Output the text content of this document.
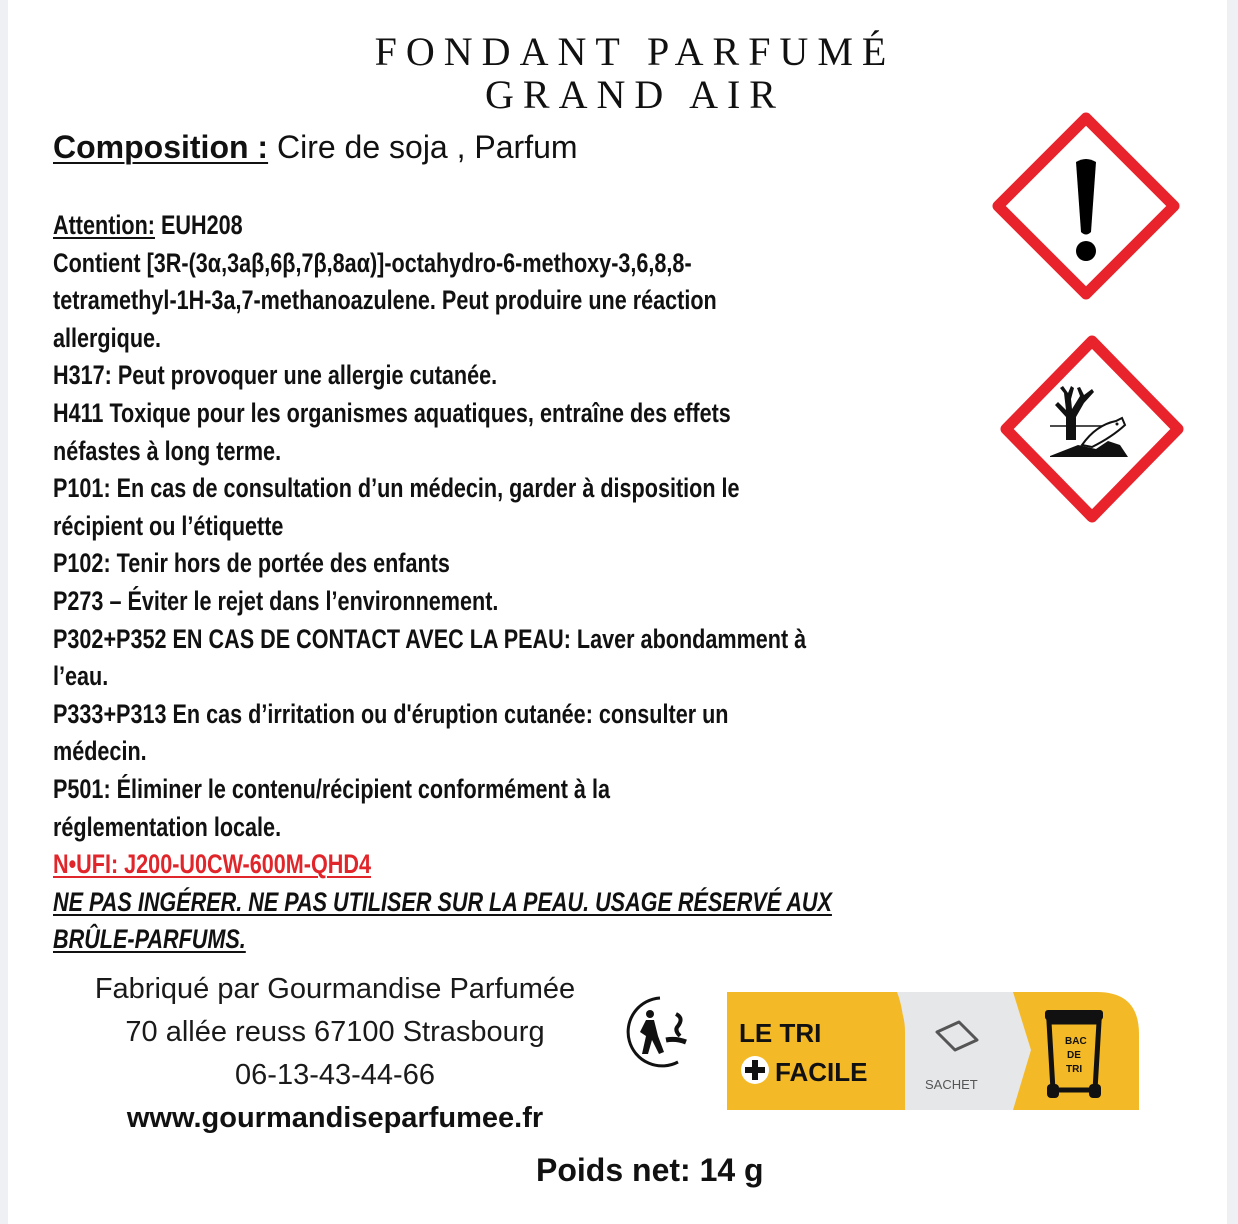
FONDANT PARFUMÉ
GRAND AIR
Composition : Cire de soja , Parfum
Attention: EUH208
Contient [3R-(3α,3aβ,6β,7β,8aα)]-octahydro-6-methoxy-3,6,8,8-
tetramethyl-1H-3a,7-methanoazulene. Peut produire une réaction
allergique.
H317: Peut provoquer une allergie cutanée.
H411 Toxique pour les organismes aquatiques, entraîne des effets
néfastes à long terme.
P101: En cas de consultation d’un médecin, garder à disposition le
récipient ou l’étiquette
P102: Tenir hors de portée des enfants
P273 – Éviter le rejet dans l’environnement.
P302+P352 EN CAS DE CONTACT AVEC LA PEAU: Laver abondamment à
l’eau.
P333+P313 En cas d’irritation ou d'éruption cutanée: consulter un
médecin.
P501: Éliminer le contenu/récipient conformément à la
réglementation locale.
N•UFI: J200-U0CW-600M-QHD4
NE PAS INGÉRER. NE PAS UTILISER SUR LA PEAU. USAGE RÉSERVÉ AUX
BRÛLE-PARFUMS.
Fabriqué par Gourmandise Parfumée
70 allée reuss 67100 Strasbourg
06-13-43-44-66
www.gourmandiseparfumee.fr
LE TRI
FACILE	SACHET
BAC
DE
TRI
Poids net: 14 g
